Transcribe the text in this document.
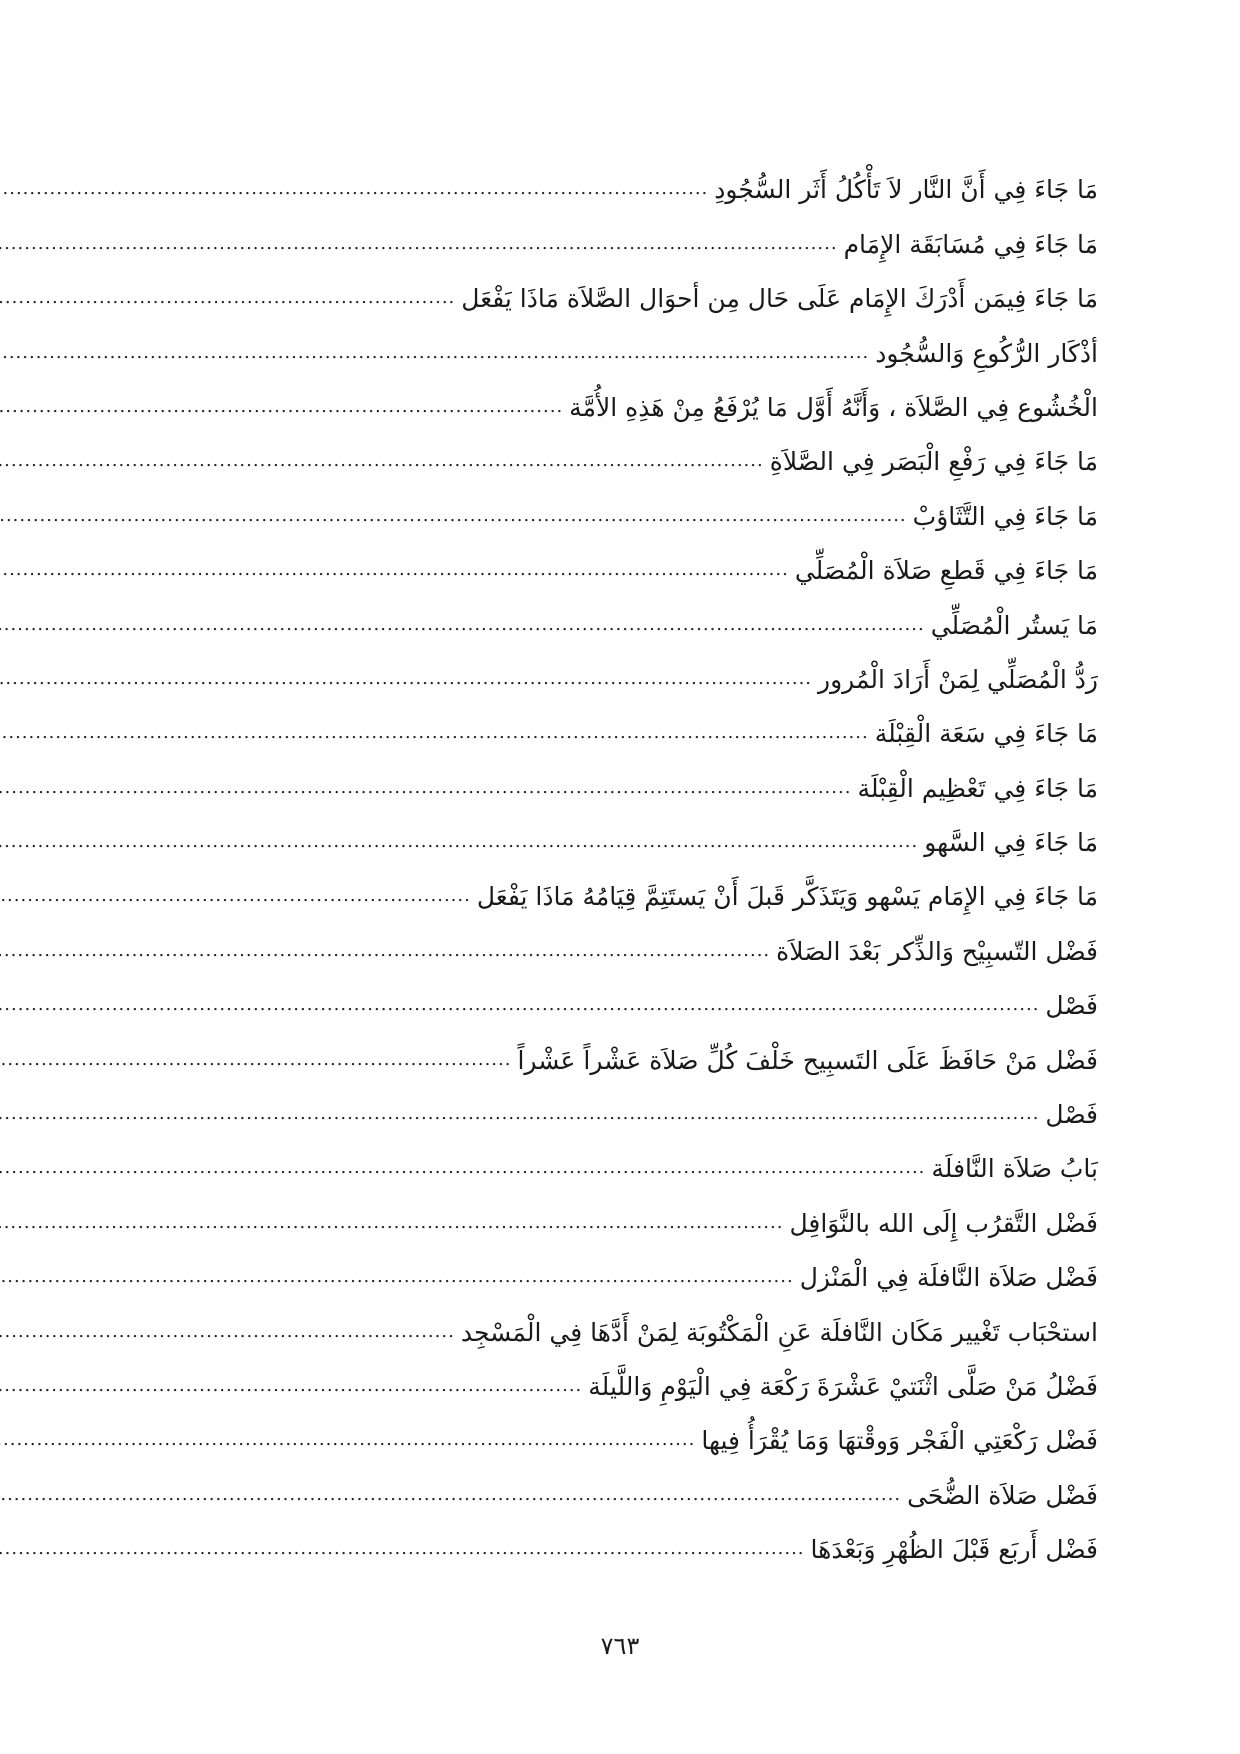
مَا جَاءَ فِي أَنَّ النَّار لاَ تَأْكُلُ أَثَر السُّجُودِ
.....
مَا جَاءَ فِي مُسَابَقَة الإِمَام
.....
مَا جَاءَ فِيمَن أَدْرَكَ الإِمَام عَلَى حَال مِن أحوَال الصَّلاَة مَاذَا يَفْعَل
.....
أذْكَار الرُّكُوعِ وَالسُّجُود
.....
الْخُشُوع فِي الصَّلاَة ، وَأَنَّهُ أَوَّل مَا يُرْفَعُ مِنْ هَذِهِ الأُمَّة
.....
مَا جَاءَ فِي رَفْعِ الْبَصَر فِي الصَّلاَةِ
.....
مَا جَاءَ فِي التَّثَاؤبْ
.....
مَا جَاءَ فِي قَطعِ صَلاَة الْمُصَلِّي
.....
مَا يَستُر الْمُصَلِّي
.....
رَدُّ الْمُصَلِّي لِمَنْ أَرَادَ الْمُرور
.....
مَا جَاءَ فِي سَعَة الْقِبْلَة
.....
مَا جَاءَ فِي تَعْظِيم الْقِبْلَة
.....
مَا جَاءَ فِي السَّهو
.....
مَا جَاءَ فِي الإِمَام يَسْهو وَيَتَذَكَّر قَبلَ أَنْ يَستَتِمَّ قِيَامُهُ مَاذَا يَفْعَل
.....
فَضْل التّسبِيْح وَالذِّكر بَعْدَ الصَلاَة
.....
فَصْل
.....
فَضْل مَنْ حَافَظَ عَلَى التَسبِيح خَلْفَ كُلِّ صَلاَة عَشْراً عَشْراً
.....
فَصْل
.....
بَابُ صَلاَة النَّافلَة
.....
فَضْل التَّقرُب إِلَى الله بالنَّوَافِل
.....
فَضْل صَلاَة النَّافلَة فِي الْمَنْزل
.....
استحْبَاب تَغْيير مَكَان النَّافلَة عَنِ الْمَكْتُوبَة لِمَنْ أَدَّهَا فِي الْمَسْجِد
.....
فَضْلُ مَنْ صَلَّى اثْنَتيْ عَشْرَةَ رَكْعَة فِي الْيَوْمِ وَاللَّيلَة
.....
فَضْل رَكْعَتِي الْفَجْر وَوقْتهَا وَمَا يُقْرَأُ فِيها
.....
فَضْل صَلاَة الضُّحَى
.....
فَضْل أَربَع قَبْلَ الظُهْرِ وَبَعْدَهَا
.....
٧٦٣
